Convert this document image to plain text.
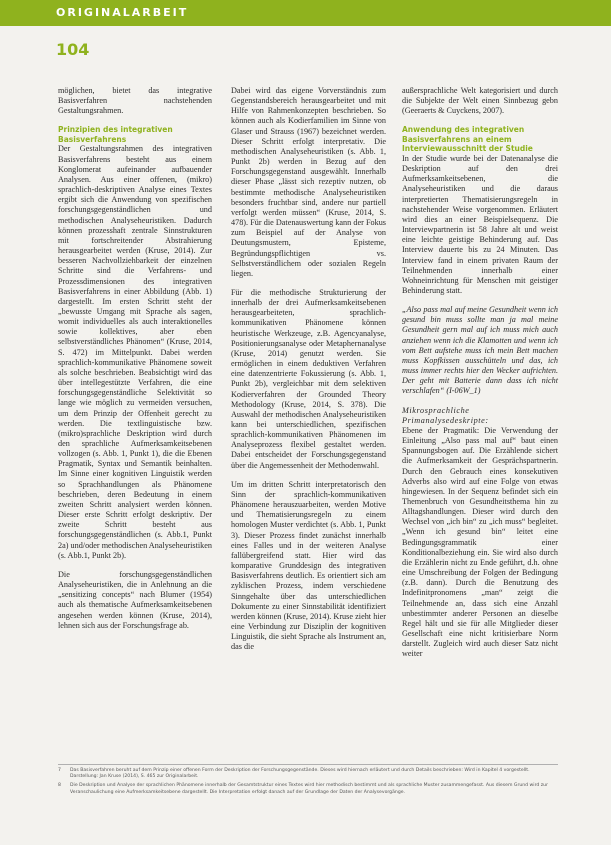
ORIGINALARBEIT
104

möglichen, bietet das integrative Basisverfahren nachstehenden Gestaltungsrahmen.

Prinzipien des integrativen Basisverfahrens

Der Gestaltungsrahmen des integrativen Basisverfahrens besteht aus einem Konglomerat aufeinander aufbauender Analysen. Aus einer offenen, (mikro) sprachlich-deskriptiven Analyse eines Textes ergibt sich die Anwendung von spezifischen forschungsgegenständlichen und methodischen Analyseheuristiken. Dadurch können prozesshaft zentrale Sinnstrukturen mit fortschreitender Abstrahierung herausgearbeitet werden (Kruse, 2014). Zur besseren Nachvollziehbarkeit der einzelnen Schritte sind die Verfahrens- und Prozessdimensionen des integrativen Basisverfahrens in einer Abbildung (Abb. 1) dargestellt. Im ersten Schritt steht der „bewusste Umgang mit Sprache als sagen, womit individuelles als auch interaktionelles sowie kollektives, aber eben selbstverständliches Phänomen“ (Kruse, 2014, S. 472) im Mittelpunkt. Dabei werden sprachlich-kommunikative Phänomene soweit als solche beschrieben. Beabsichtigt wird das über intellegestützte Verfahren, die eine forschungsgegenständliche Selektivität so lange wie möglich zu vermeiden versuchen, um dem Prinzip der Offenheit gerecht zu werden. Die textlinguistische bzw. (mikro)sprachliche Deskription wird durch den sprachliche Aufmerksamkeitsebenen vollzogen (s. Abb. 1, Punkt 1), die die Ebenen Pragmatik, Syntax und Semantik beinhalten. Im Sinne einer kognitiven Linguistik werden so Sprachhandlungen als Phänomene beschrieben, deren Bedeutung in einem zweiten Schritt analysiert werden können. Dieser erste Schritt erfolgt deskriptiv. Der zweite Schritt besteht aus forschungsgegenständlichen (s. Abb.1, Punkt 2a) und/oder methodischen Analyseheuristiken (s. Abb.1, Punkt 2b).

Die forschungsgegenständlichen Analyseheuristiken, die in Anlehnung an die „sensitizing concepts“ nach Blumer (1954) auch als thematische Aufmerksamkeitsebenen angesehen werden können (Kruse, 2014), lehnen sich aus der Forschungsfrage ab.

Dabei wird das eigene Vorverständnis zum Gegenstandsbereich herausgearbeitet und mit Hilfe von Rahmenkonzepten beschrieben. So können auch als Kodierfamilien im Sinne von Glaser und Strauss (1967) bezeichnet werden. Dieser Schritt erfolgt interpretativ. Die methodischen Analyseheuristiken (s. Abb. 1, Punkt 2b) werden in Bezug auf den Forschungsgegenstand ausgewählt. Innerhalb dieser Phase „lässt sich rezeptiv nutzen, ob bestimmte methodische Analyseheuristiken besonders fruchtbar sind, andere nur partiell verfolgt werden müssen“ (Kruse, 2014, S. 478). Für die Datenauswertung kann der Fokus zum Beispiel auf der Analyse von Deutungsmustern, Episteme, Begründungspflichtigen vs. Selbstverständlichem oder sozialen Regeln liegen.

Für die methodische Strukturierung der innerhalb der drei Aufmerksamkeitsebenen herausgearbeiteten, sprachlich-kommunikativen Phänomene können heuristische Werkzeuge, z.B. Agencyanalyse, Positionierungsanalyse oder Metaphernanalyse (Kruse, 2014) genutzt werden. Sie ermöglichen in einem deduktiven Verfahren eine datenzentrierte Fokussierung (s. Abb. 1, Punkt 2b), vergleichbar mit dem selektiven Kodierverfahren der Grounded Theory Methodology (Kruse, 2014, S. 378). Die Auswahl der methodischen Analyseheuristiken kann bei unterschiedlichen, spezifischen sprachlich-kommunikativen Phänomenen im Analyseprozess flexibel gestaltet werden. Dabei entscheidet der Forschungsgegenstand über die Angemessenheit der Methodenwahl.

Um im dritten Schritt interpretatorisch den Sinn der sprachlich-kommunikativen Phänomene herauszuarbeiten, werden Motive und Thematisierungsregeln zu einem homologen Muster verdichtet (s. Abb. 1, Punkt 3). Dieser Prozess findet zunächst innerhalb eines Falles und in der weiteren Analyse fallübergreifend statt. Hier wird das komparative Grunddesign des integrativen Basisverfahrens deutlich. Es orientiert sich am zyklischen Prozess, indem verschiedene Sinngehalte über das unterschiedlichen Dokumente zu einer Sinnstabilität identifiziert werden können (Kruse, 2014). Kruse zieht hier eine Verbindung zur Disziplin der kognitiven Linguistik, die sieht Sprache als Instrument an, das die

außersprachliche Welt kategorisiert und durch die Subjekte der Welt einen Sinnbezug gebn (Geeraerts & Cuyckens, 2007).

Anwendung des integrativen Basisverfahrens an einem Interviewausschnitt der Studie

In der Studie wurde bei der Datenanalyse die Deskription auf den drei Aufmerksamkeitsebenen, die Analyseheuristiken und die daraus interpretierten Thematisierungsregeln in nachstehender Weise vorgenommen. Erläutert wird dies an einer Beispielsequenz. Die Interviewpartnerin ist 58 Jahre alt und weist eine leichte geistige Behinderung auf. Das Interview dauerte bis zu 24 Minuten. Das Interview fand in einem privaten Raum der Teilnehmenden innerhalb einer Wohneinrichtung für Menschen mit geistiger Behinderung statt.

„Also pass mal auf meine Gesundheit wenn ich gesund bin muss sollte man ja mal meine Gesundheit gern mal auf ich muss mich auch anziehen wenn ich die Klamotten und wenn ich vom Bett aufstehe muss ich mein Bett machen muss Kopfkissen ausschütteln und das, ich muss immer rechts hier den Wecker aufrichten. Der geht mit Batterie dann dass ich nicht verschlafen“ (I-06W_1)

Mikrosprachliche Primanalysedeskripte:

Ebene der Pragmatik: Die Verwendung der Einleitung „Also pass mal auf“ baut einen Spannungsbogen auf. Die Erzählende sichert die Aufmerksamkeit der Gesprächspartnerin. Durch den Gebrauch eines konsekutiven Adverbs also wird auf eine Folge von etwas hingewiesen. In der Sequenz befindet sich ein Themenbruch von Gesundheitsthema hin zu Alltagshandlungen. Dieser wird durch den Wechsel von „ich bin“ zu „ich muss“ begleitet. „Wenn ich gesund bin“ leitet eine Bedingungsgrammatik einer Konditionalbeziehung ein. Sie wird also durch die Erzählerin nicht zu Ende geführt, d.h. ohne eine Umschreibung der Folgen der Bedingung (z.B. dann). Durch die Benutzung des Indefinitpronomens „man“ zeigt die Teilnehmende an, dass sich eine Anzahl unbestimmter anderer Personen an dieselbe Regel hält und sie für alle Mitglieder dieser Gesellschaft eine nicht kritisierbare Norm darstellt. Zugleich wird auch dieser Satz nicht weiter

7 Das Basisverfahren beruht auf dem Prinzip einer offenen Form der Deskription der Forschungsgegenstände. Dieses wird hiernach erläutert und durch Details beschrieben: Wird in Kapitel 4 vorgestellt. Darstellung: Jan Kruse (2014), S. 465 zur Originalarbeit.
8 Die Deskription und Analyse der sprachlichen Phänomene innerhalb der Gesamtstruktur eines Textes wird hier methodisch bestimmt und als sprachliche Muster zusammengefasst. Aus diesem Grund wird zur Veranschaulichung eine Aufmerksamkeitsebene dargestellt. Die Interpretation erfolgt danach auf der Grundlage der Daten der Analysevorgänge.
